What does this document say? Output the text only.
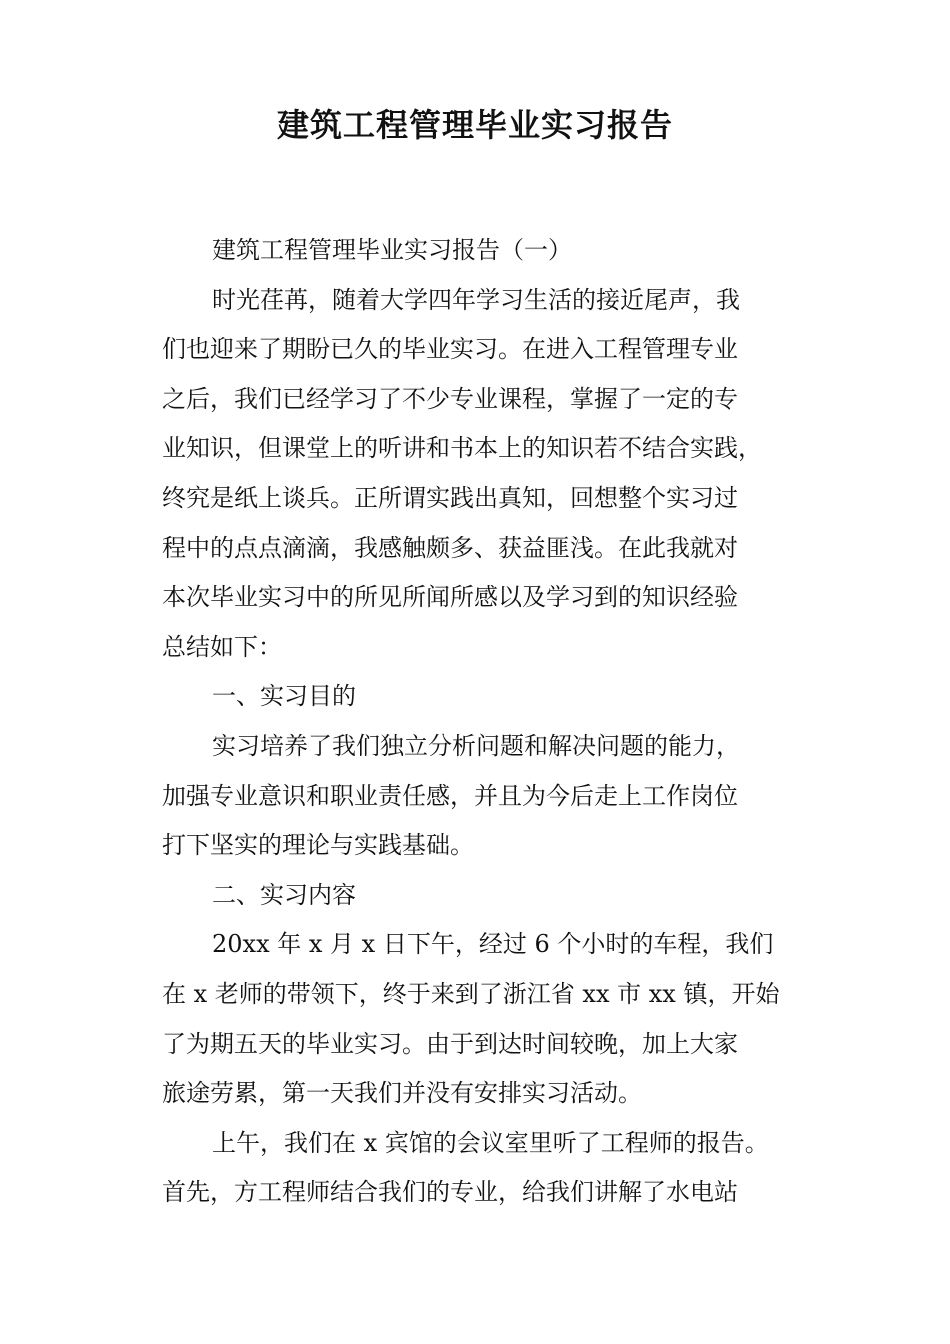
建筑工程管理毕业实习报告
建筑工程管理毕业实习报告（一）
时光荏苒，随着大学四年学习生活的接近尾声，我
们也迎来了期盼已久的毕业实习。在进入工程管理专业
之后，我们已经学习了不少专业课程，掌握了一定的专
业知识，但课堂上的听讲和书本上的知识若不结合实践，
终究是纸上谈兵。正所谓实践出真知，回想整个实习过
程中的点点滴滴，我感触颇多、获益匪浅。在此我就对
本次毕业实习中的所见所闻所感以及学习到的知识经验
总结如下：
一、实习目的
实习培养了我们独立分析问题和解决问题的能力，
加强专业意识和职业责任感，并且为今后走上工作岗位
打下坚实的理论与实践基础。
二、实习内容
20xx 年 x 月 x 日下午，经过 6 个小时的车程，我们
在 x 老师的带领下，终于来到了浙江省 xx 市 xx 镇，开始
了为期五天的毕业实习。由于到达时间较晚，加上大家
旅途劳累，第一天我们并没有安排实习活动。
上午，我们在 x 宾馆的会议室里听了工程师的报告。
首先，方工程师结合我们的专业，给我们讲解了水电站
